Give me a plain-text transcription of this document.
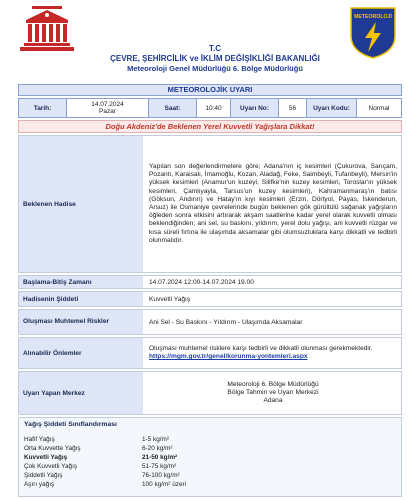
METEOROLOJİ
T.C
ÇEVRE, ŞEHİRCİLİK ve İKLİM DEĞİŞİKLİĞİ BAKANLIĞI
Meteoroloji Genel Müdürlüğü 6. Bölge Müdürlüğü
METEOROLOJİK UYARI
Tarih:	14.07.2024
Pazar	Saat:	10:40	Uyarı No:	56	Uyarı Kodu:	Normal
Doğu Akdeniz'de Beklenen Yerel Kuvvetli Yağışlara Dikkat!
Beklenen Hadise
Yapılan son değerlendirmelere göre; Adana'nın iç kesimleri (Çukurova, Sarıçam, Pozantı, Karaisalı, İmamoğlu, Kozan, Aladağ, Feke, Saimbeyli, Tufanbeyli), Mersin'in yüksek kesimleri (Anamur'un kuzeyi, Silifke'nin kuzey kesimleri, Toroslar'ın yüksek kesimleri, Çamlıyayla, Tarsus'un kuzey kesimleri), Kahramanmaraş'ın batısı (Göksun, Andırın) ve Hatay'ın kıyı kesimleri (Erzin, Dörtyol, Payas, İskenderun, Arsuz) ile Osmaniye çevrelerinde bugün beklenen gök gürültülü sağanak yağışların öğleden sonra etkisini artırarak akşam saatlerine kadar yerel olarak kuvvetli olması beklendiğinden; ani sel, su baskını, yıldırım, yerel dolu yağışı, ani kuvvetli rüzgar ve kısa süreli fırtına ile ulaşımda aksamalar gibi olumsuzluklara karşı dikkatli ve tedbirli olunmalıdır.
Başlama-Bitiş Zamanı	14.07.2024 12:00-14.07.2024 19.00
Hadisenin Şiddeti	Kuvvetli Yağış
Oluşması Muhtemel Riskler	Ani Sel - Su Baskını - Yıldırım - Ulaşımda Aksamalar
Alınabilir Önlemler
Oluşması muhtemel risklere karşı tedbirli ve dikkatli olunması gerekmektedir.
https://mgm.gov.tr/genel/korunma-yontemleri.aspx
Uyarı Yapan Merkez
Meteoroloji 6. Bölge Müdürlüğü
Bölge Tahmin ve Uyarı Merkezi
Adana
Yağış Şiddeti Sınıflandırması
Hafif Yağış	1-5 kg/m²
Orta Kuvvette Yağış	6-20 kg/m²
Kuvvetli Yağış	21-50 kg/m²
Çok Kuvvetli Yağış	51-75 kg/m²
Şiddetli Yağış	76-100 kg/m²
Aşırı yağış	100 kg/m² üzeri
